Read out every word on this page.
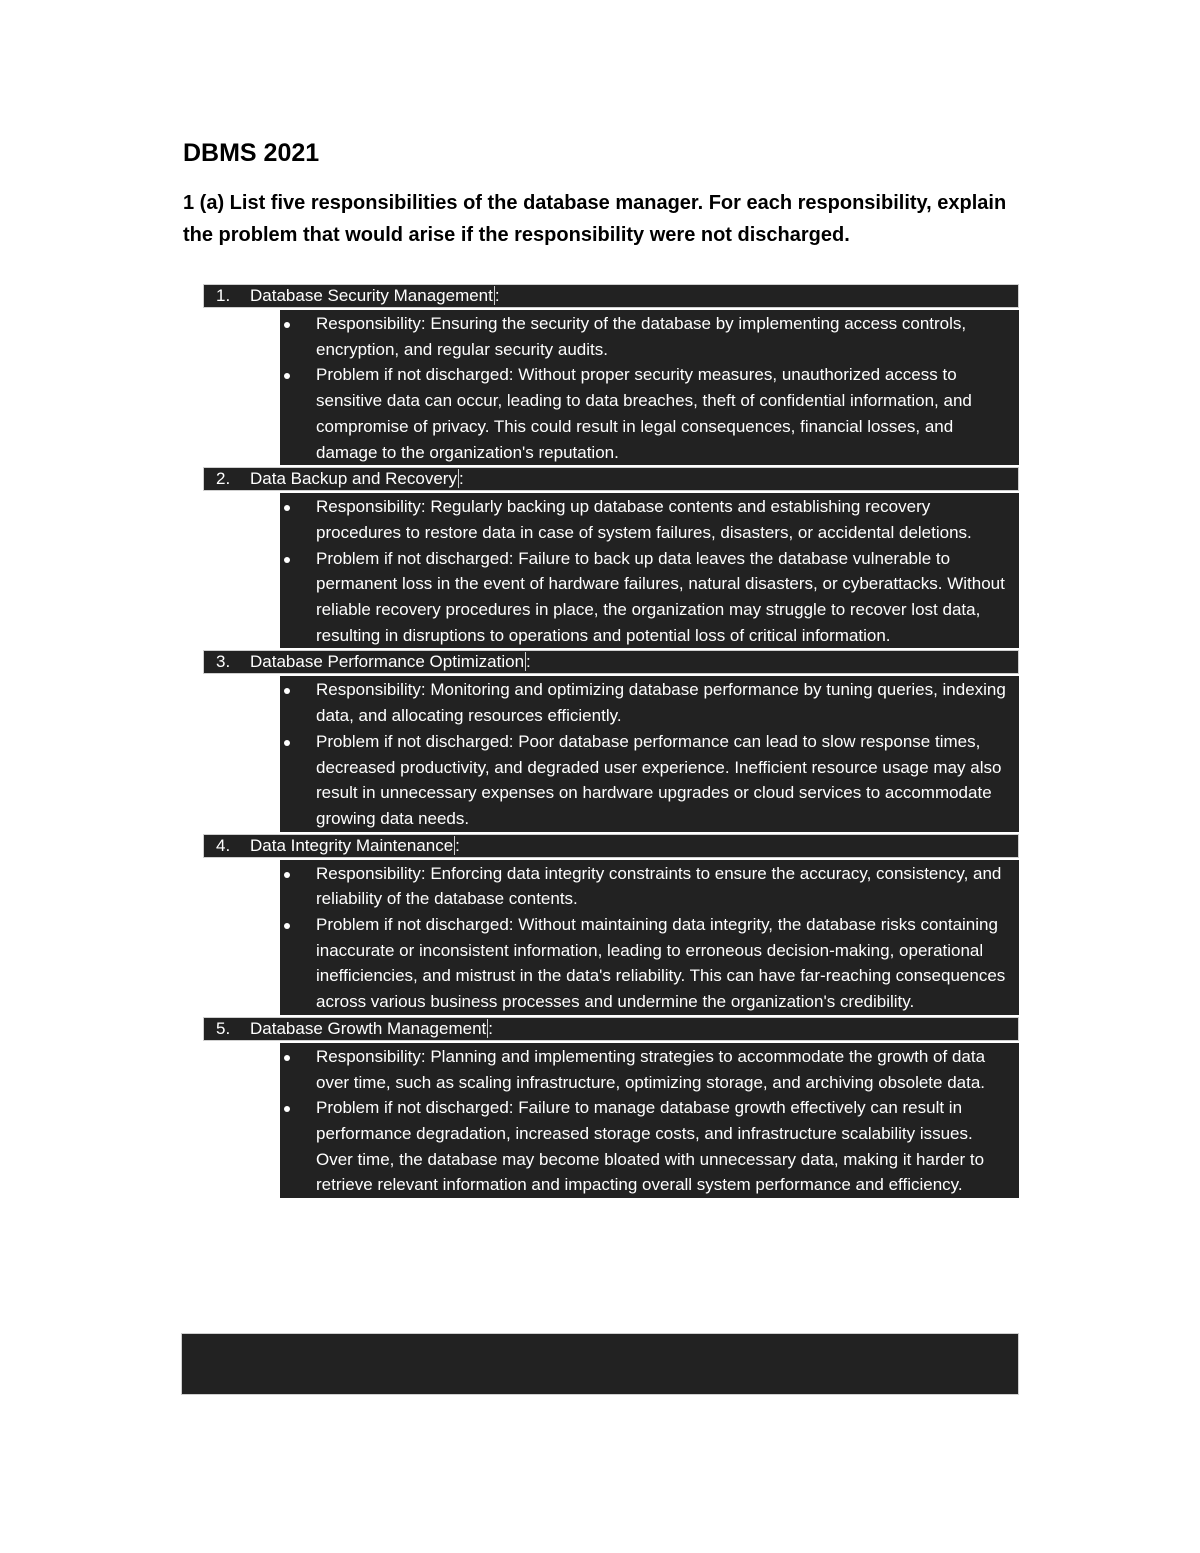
DBMS 2021

1 (a) List five responsibilities of the database manager. For each responsibility, explain the problem that would arise if the responsibility were not discharged.

1. Database Security Management :
Responsibility: Ensuring the security of the database by implementing access controls, encryption, and regular security audits.
Problem if not discharged: Without proper security measures, unauthorized access to sensitive data can occur, leading to data breaches, theft of confidential information, and compromise of privacy. This could result in legal consequences, financial losses, and damage to the organization's reputation.
2. Data Backup and Recovery :
Responsibility: Regularly backing up database contents and establishing recovery procedures to restore data in case of system failures, disasters, or accidental deletions.
Problem if not discharged: Failure to back up data leaves the database vulnerable to permanent loss in the event of hardware failures, natural disasters, or cyberattacks. Without reliable recovery procedures in place, the organization may struggle to recover lost data, resulting in disruptions to operations and potential loss of critical information.
3. Database Performance Optimization :
Responsibility: Monitoring and optimizing database performance by tuning queries, indexing data, and allocating resources efficiently.
Problem if not discharged: Poor database performance can lead to slow response times, decreased productivity, and degraded user experience. Inefficient resource usage may also result in unnecessary expenses on hardware upgrades or cloud services to accommodate growing data needs.
4. Data Integrity Maintenance :
Responsibility: Enforcing data integrity constraints to ensure the accuracy, consistency, and reliability of the database contents.
Problem if not discharged: Without maintaining data integrity, the database risks containing inaccurate or inconsistent information, leading to erroneous decision-making, operational inefficiencies, and mistrust in the data's reliability. This can have far-reaching consequences across various business processes and undermine the organization's credibility.
5. Database Growth Management :
Responsibility: Planning and implementing strategies to accommodate the growth of data over time, such as scaling infrastructure, optimizing storage, and archiving obsolete data.
Problem if not discharged: Failure to manage database growth effectively can result in performance degradation, increased storage costs, and infrastructure scalability issues. Over time, the database may become bloated with unnecessary data, making it harder to retrieve relevant information and impacting overall system performance and efficiency.
